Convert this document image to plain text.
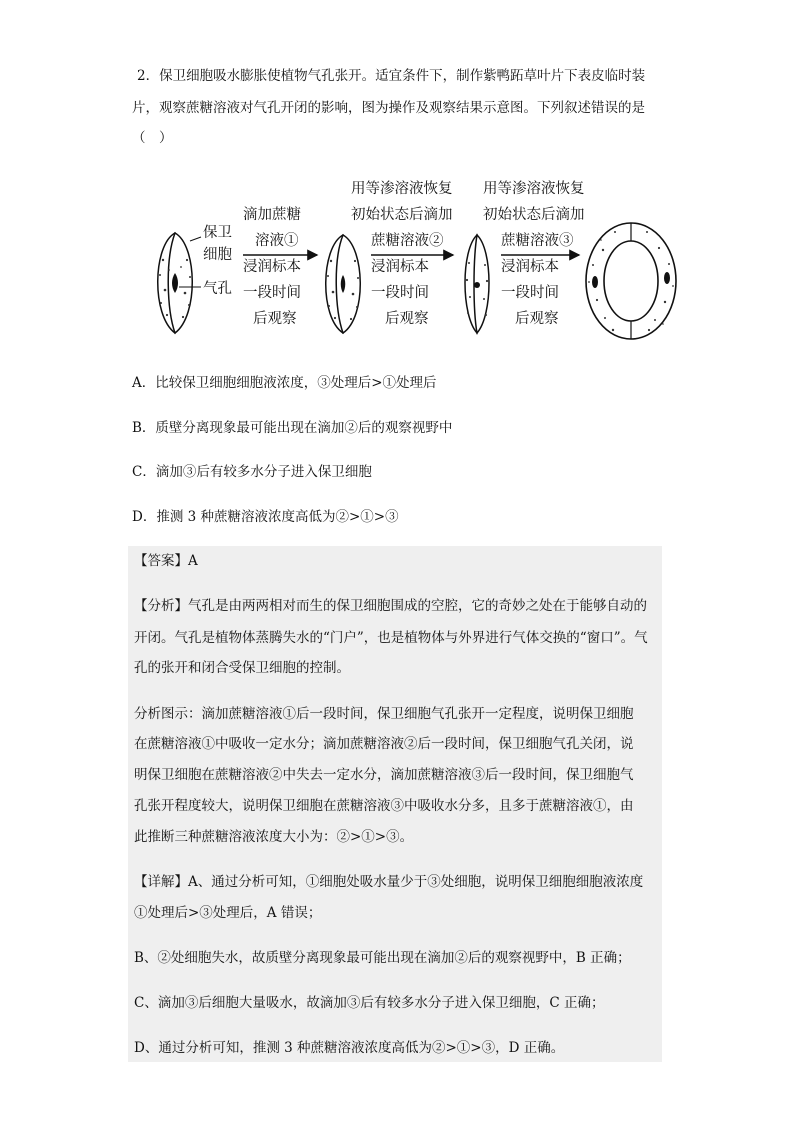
2．保卫细胞吸水膨胀使植物气孔张开。适宜条件下，制作紫鸭跖草叶片下表皮临时装
片，观察蔗糖溶液对气孔开闭的影响，图为操作及观察结果示意图。下列叙述错误的是
（　）
保卫
细胞
气孔
滴加蔗糖
溶液①
浸润标本
一段时间
后观察
用等渗溶液恢复
初始状态后滴加
蔗糖溶液②
浸润标本
一段时间
后观察
用等渗溶液恢复
初始状态后滴加
蔗糖溶液③
浸润标本
一段时间
后观察
A．比较保卫细胞细胞液浓度，③处理后>①处理后
B．质壁分离现象最可能出现在滴加②后的观察视野中
C．滴加③后有较多水分子进入保卫细胞
D．推测 3 种蔗糖溶液浓度高低为②>①>③
【答案】A
【分析】气孔是由两两相对而生的保卫细胞围成的空腔，它的奇妙之处在于能够自动的
开闭。气孔是植物体蒸腾失水的“门户”，也是植物体与外界进行气体交换的“窗口”。气
孔的张开和闭合受保卫细胞的控制。
分析图示：滴加蔗糖溶液①后一段时间，保卫细胞气孔张开一定程度，说明保卫细胞
在蔗糖溶液①中吸收一定水分；滴加蔗糖溶液②后一段时间，保卫细胞气孔关闭，说
明保卫细胞在蔗糖溶液②中失去一定水分，滴加蔗糖溶液③后一段时间，保卫细胞气
孔张开程度较大，说明保卫细胞在蔗糖溶液③中吸收水分多，且多于蔗糖溶液①，由
此推断三种蔗糖溶液浓度大小为：②>①>③。
【详解】A、通过分析可知，①细胞处吸水量少于③处细胞，说明保卫细胞细胞液浓度
①处理后>③处理后，A 错误；
B、②处细胞失水，故质壁分离现象最可能出现在滴加②后的观察视野中，B 正确；
C、滴加③后细胞大量吸水，故滴加③后有较多水分子进入保卫细胞，C 正确；
D、通过分析可知，推测 3 种蔗糖溶液浓度高低为②>①>③，D 正确。
